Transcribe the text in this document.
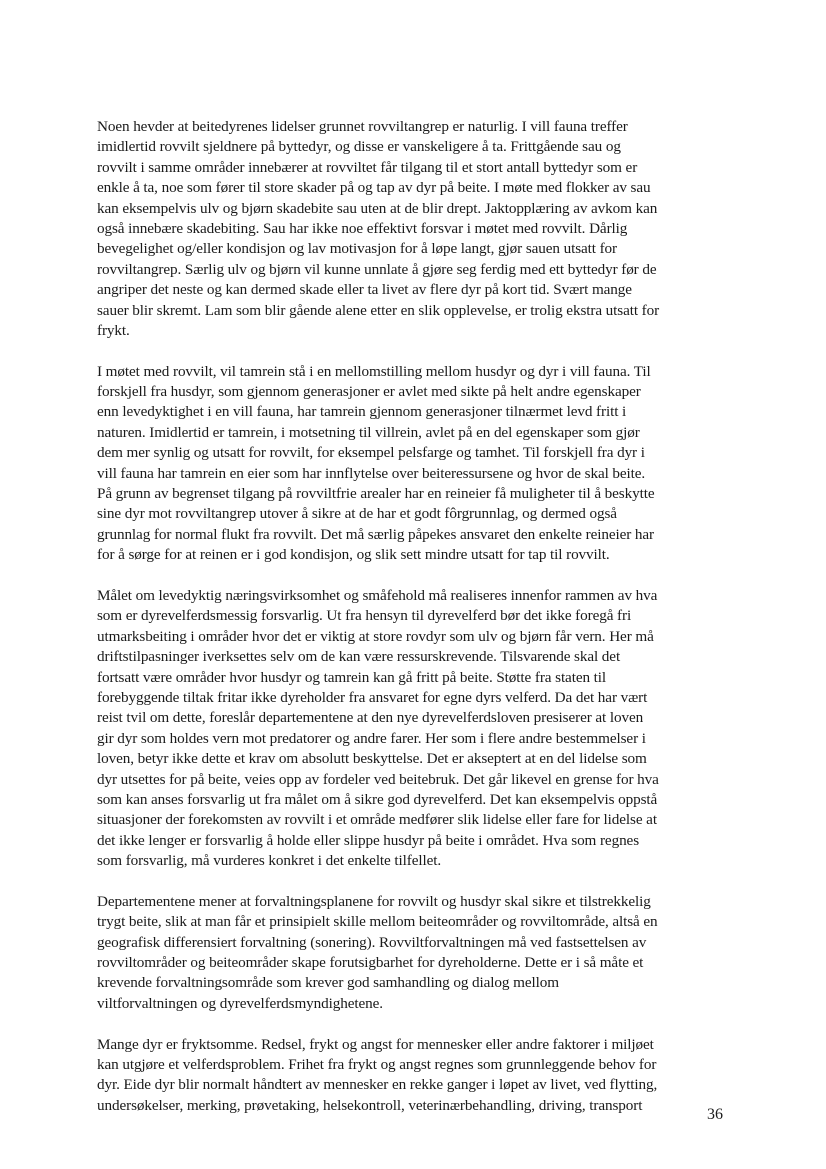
Noen hevder at beitedyrenes lidelser grunnet rovviltangrep er naturlig. I vill fauna treffer
imidlertid rovvilt sjeldnere på byttedyr, og disse er vanskeligere å ta. Frittgående sau og
rovvilt i samme områder innebærer at rovviltet får tilgang til et stort antall byttedyr som er
enkle å ta, noe som fører til store skader på og tap av dyr på beite. I møte med flokker av sau
kan eksempelvis ulv og bjørn skadebite sau uten at de blir drept. Jaktopplæring av avkom kan
også innebære skadebiting. Sau har ikke noe effektivt forsvar i møtet med rovvilt. Dårlig
bevegelighet og/eller kondisjon og lav motivasjon for å løpe langt, gjør sauen utsatt for
rovviltangrep. Særlig ulv og bjørn vil kunne unnlate å gjøre seg ferdig med ett byttedyr før de
angriper det neste og kan dermed skade eller ta livet av flere dyr på kort tid. Svært mange
sauer blir skremt. Lam som blir gående alene etter en slik opplevelse, er trolig ekstra utsatt for
frykt.
I møtet med rovvilt, vil tamrein stå i en mellomstilling mellom husdyr og dyr i vill fauna. Til
forskjell fra husdyr, som gjennom generasjoner er avlet med sikte på helt andre egenskaper
enn levedyktighet i en vill fauna, har tamrein gjennom generasjoner tilnærmet levd fritt i
naturen. Imidlertid er tamrein, i motsetning til villrein, avlet på en del egenskaper som gjør
dem mer synlig og utsatt for rovvilt, for eksempel pelsfarge og tamhet. Til forskjell fra dyr i
vill fauna har tamrein en eier som har innflytelse over beiteressursene og hvor de skal beite.
På grunn av begrenset tilgang på rovviltfrie arealer har en reineier få muligheter til å beskytte
sine dyr mot rovviltangrep utover å sikre at de har et godt fôrgrunnlag, og dermed også
grunnlag for normal flukt fra rovvilt. Det må særlig påpekes ansvaret den enkelte reineier har
for å sørge for at reinen er i god kondisjon, og slik sett mindre utsatt for tap til rovvilt.
Målet om levedyktig næringsvirksomhet og småfehold må realiseres innenfor rammen av hva
som er dyrevelferdsmessig forsvarlig. Ut fra hensyn til dyrevelferd bør det ikke foregå fri
utmarksbeiting i områder hvor det er viktig at store rovdyr som ulv og bjørn får vern. Her må
driftstilpasninger iverksettes selv om de kan være ressurskrevende. Tilsvarende skal det
fortsatt være områder hvor husdyr og tamrein kan gå fritt på beite. Støtte fra staten til
forebyggende tiltak fritar ikke dyreholder fra ansvaret for egne dyrs velferd. Da det har vært
reist tvil om dette, foreslår departementene at den nye dyrevelferdsloven presiserer at loven
gir dyr som holdes vern mot predatorer og andre farer. Her som i flere andre bestemmelser i
loven, betyr ikke dette et krav om absolutt beskyttelse. Det er akseptert at en del lidelse som
dyr utsettes for på beite, veies opp av fordeler ved beitebruk. Det går likevel en grense for hva
som kan anses forsvarlig ut fra målet om å sikre god dyrevelferd. Det kan eksempelvis oppstå
situasjoner der forekomsten av rovvilt i et område medfører slik lidelse eller fare for lidelse at
det ikke lenger er forsvarlig å holde eller slippe husdyr på beite i området. Hva som regnes
som forsvarlig, må vurderes konkret i det enkelte tilfellet.
Departementene mener at forvaltningsplanene for rovvilt og husdyr skal sikre et tilstrekkelig
trygt beite, slik at man får et prinsipielt skille mellom beiteområder og rovviltområde, altså en
geografisk differensiert forvaltning (sonering). Rovviltforvaltningen må ved fastsettelsen av
rovviltområder og beiteområder skape forutsigbarhet for dyreholderne. Dette er i så måte et
krevende forvaltningsområde som krever god samhandling og dialog mellom
viltforvaltningen og dyrevelferdsmyndighetene.
Mange dyr er fryktsomme. Redsel, frykt og angst for mennesker eller andre faktorer i miljøet
kan utgjøre et velferdsproblem. Frihet fra frykt og angst regnes som grunnleggende behov for
dyr. Eide dyr blir normalt håndtert av mennesker en rekke ganger i løpet av livet, ved flytting,
undersøkelser, merking, prøvetaking, helsekontroll, veterinærbehandling, driving, transport
36
